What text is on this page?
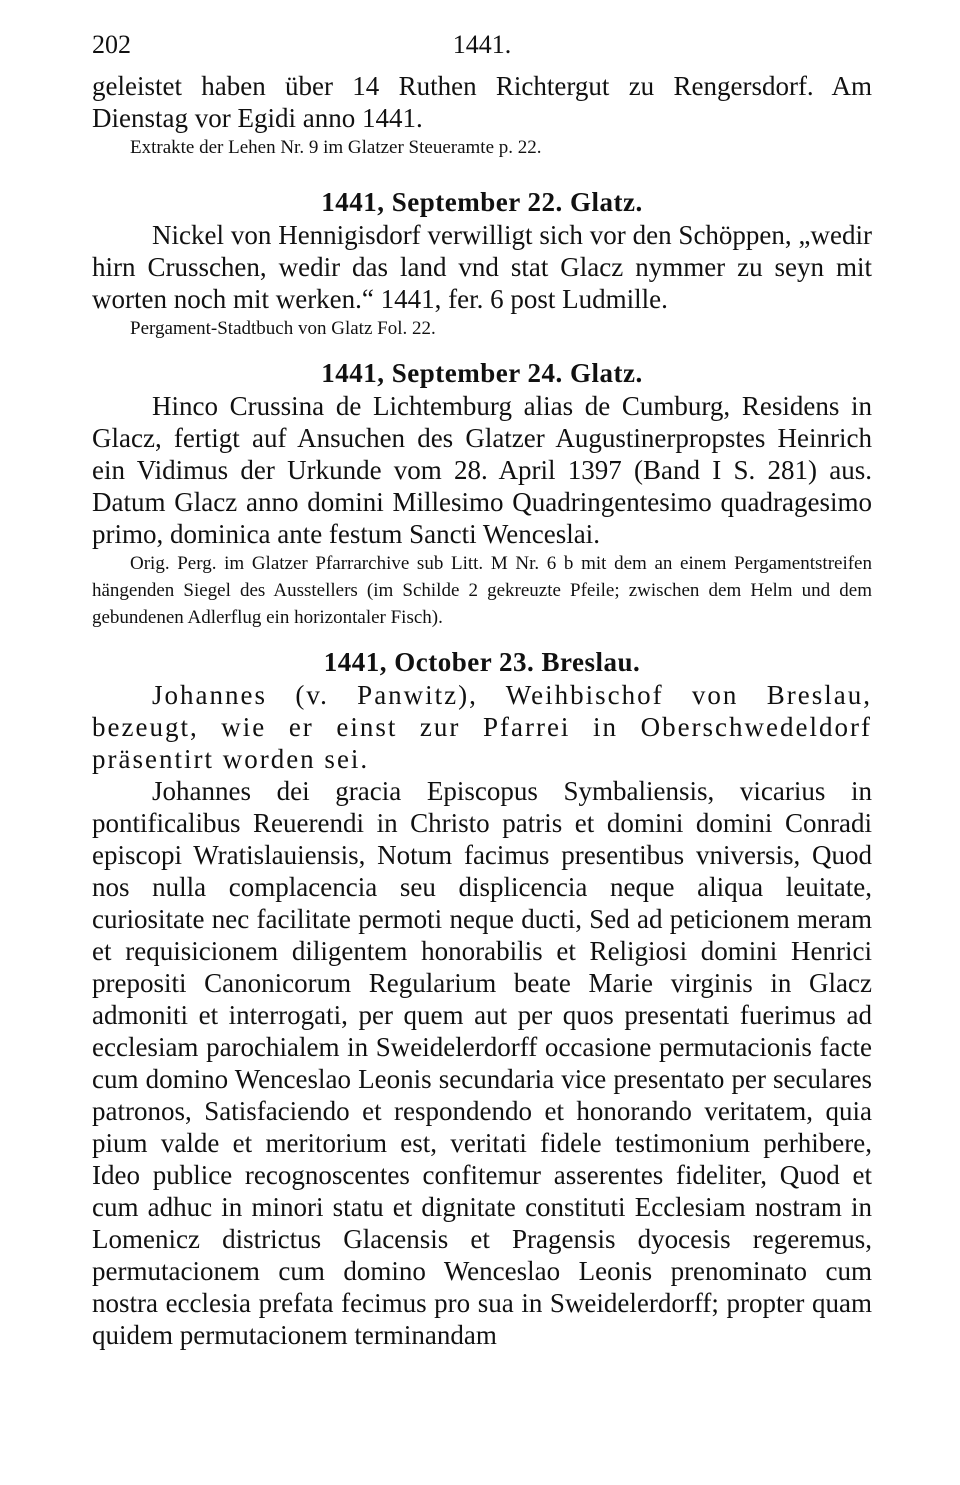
202	1441.

geleistet haben über 14 Ruthen Richtergut zu Rengersdorf. Am Dienstag vor Egidi anno 1441.

Extrakte der Lehen Nr. 9 im Glatzer Steueramte p. 22.

1441, September 22. Glatz.

Nickel von Hennigisdorf verwilligt sich vor den Schöppen, „wedir hirn Crusschen, wedir das land vnd stat Glacz nymmer zu seyn mit worten noch mit werken.“ 1441, fer. 6 post Ludmille.

Pergament-Stadtbuch von Glatz Fol. 22.

1441, September 24. Glatz.

Hinco Crussina de Lichtemburg alias de Cumburg, Residens in Glacz, fertigt auf Ansuchen des Glatzer Augustinerpropstes Heinrich ein Vidimus der Urkunde vom 28. April 1397 (Band I S. 281) aus. Datum Glacz anno domini Millesimo Quadringentesimo quadragesimo primo, dominica ante festum Sancti Wenceslai.

Orig. Perg. im Glatzer Pfarrarchive sub Litt. M Nr. 6 b mit dem an einem Pergamentstreifen hängenden Siegel des Ausstellers (im Schilde 2 gekreuzte Pfeile; zwischen dem Helm und dem gebundenen Adlerflug ein horizontaler Fisch).

1441, October 23. Breslau.

Johannes (v. Panwitz), Weihbischof von Breslau, bezeugt, wie er einst zur Pfarrei in Oberschwedeldorf präsentirt worden sei.

Johannes dei gracia Episcopus Symbaliensis, vicarius in pontificalibus Reuerendi in Christo patris et domini domini Conradi episcopi Wratislauiensis, Notum facimus presentibus vniversis, Quod nos nulla complacencia seu displicencia neque aliqua leuitate, curiositate nec facilitate permoti neque ducti, Sed ad peticionem meram et requisicionem diligentem honorabilis et Religiosi domini Henrici prepositi Canonicorum Regularium beate Marie virginis in Glacz admoniti et interrogati, per quem aut per quos presentati fuerimus ad ecclesiam parochialem in Sweidelerdorff occasione permutacionis facte cum domino Wenceslao Leonis secundaria vice presentato per seculares patronos, Satisfaciendo et respondendo et honorando veritatem, quia pium valde et meritorium est, veritati fidele testimonium perhibere, Ideo publice recognoscentes confitemur asserentes fideliter, Quod et cum adhuc in minori statu et dignitate constituti Ecclesiam nostram in Lomenicz districtus Glacensis et Pragensis dyocesis regeremus, permutacionem cum domino Wenceslao Leonis prenominato cum nostra ecclesia prefata fecimus pro sua in Sweidelerdorff; propter quam quidem permutacionem terminandam
